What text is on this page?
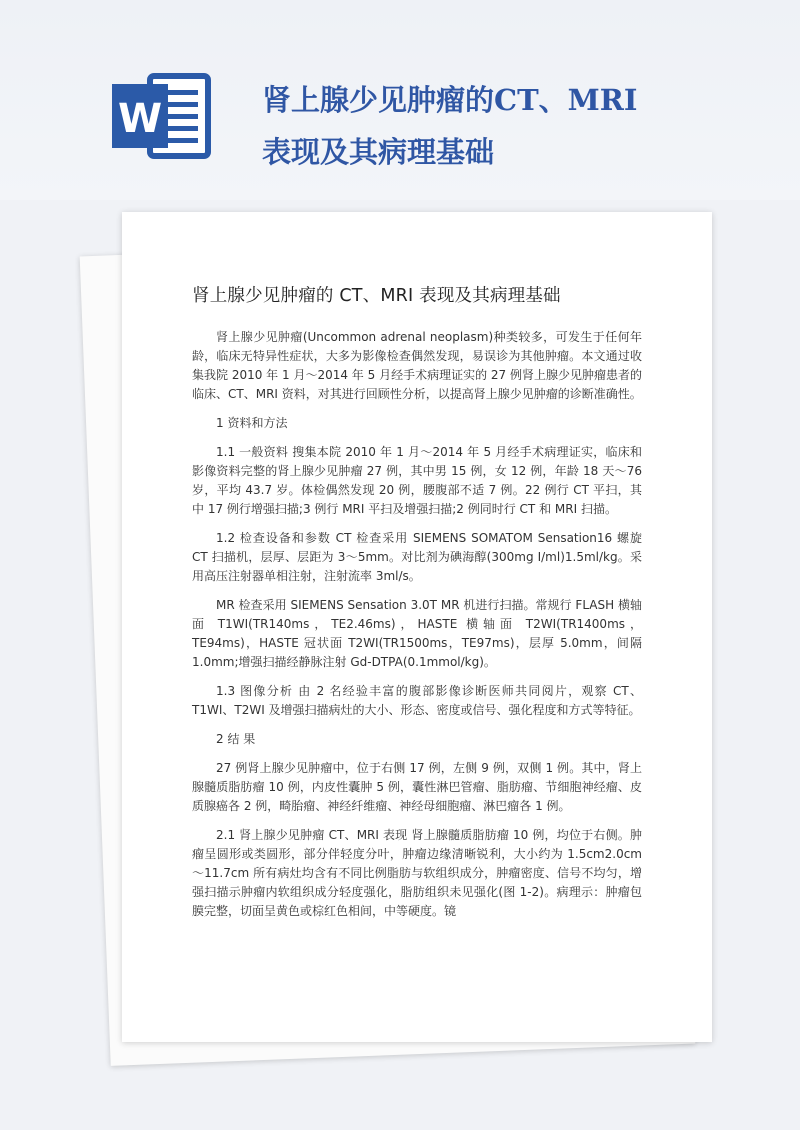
W	肾上腺少见肿瘤的CT、MRI表现及其病理基础
肾上腺少见肿瘤的 CT、MRI 表现及其病理基础

肾上腺少见肿瘤(Uncommon adrenal neoplasm)种类较多，可发生于任何年龄，临床无特异性症状，大多为影像检查偶然发现，易误诊为其他肿瘤。本文通过收集我院 2010 年 1 月～2014 年 5 月经手术病理证实的 27 例肾上腺少见肿瘤患者的临床、CT、MRI 资料，对其进行回顾性分析，以提高肾上腺少见肿瘤的诊断准确性。

1 资料和方法

1.1 一般资料 搜集本院 2010 年 1 月～2014 年 5 月经手术病理证实，临床和影像资料完整的肾上腺少见肿瘤 27 例，其中男 15 例，女 12 例，年龄 18 天～76 岁，平均 43.7 岁。体检偶然发现 20 例，腰腹部不适 7 例。22 例行 CT 平扫，其中 17 例行增强扫描;3 例行 MRI 平扫及增强扫描;2 例同时行 CT 和 MRI 扫描。

1.2 检查设备和参数 CT 检查采用 SIEMENS SOMATOM Sensation16 螺旋 CT 扫描机，层厚、层距为 3～5mm。对比剂为碘海醇(300mg I/ml)1.5ml/kg。采用高压注射器单相注射，注射流率 3ml/s。

MR 检查采用 SIEMENS Sensation 3.0T MR 机进行扫描。常规行 FLASH 横轴面 T1WI(TR140ms，TE2.46ms)，HASTE 横轴面 T2WI(TR1400ms，TE94ms)，HASTE 冠状面 T2WI(TR1500ms，TE97ms)，层厚 5.0mm，间隔 1.0mm;增强扫描经静脉注射 Gd-DTPA(0.1mmol/kg)。

1.3 图像分析 由 2 名经验丰富的腹部影像诊断医师共同阅片，观察 CT、T1WI、T2WI 及增强扫描病灶的大小、形态、密度或信号、强化程度和方式等特征。

2 结 果

27 例肾上腺少见肿瘤中，位于右侧 17 例，左侧 9 例，双侧 1 例。其中，肾上腺髓质脂肪瘤 10 例，内皮性囊肿 5 例，囊性淋巴管瘤、脂肪瘤、节细胞神经瘤、皮质腺癌各 2 例，畸胎瘤、神经纤维瘤、神经母细胞瘤、淋巴瘤各 1 例。

2.1 肾上腺少见肿瘤 CT、MRI 表现 肾上腺髓质脂肪瘤 10 例，均位于右侧。肿瘤呈圆形或类圆形，部分伴轻度分叶，肿瘤边缘清晰锐利，大小约为 1.5cm2.0cm～11.7cm 所有病灶均含有不同比例脂肪与软组织成分，肿瘤密度、信号不均匀，增强扫描示肿瘤内软组织成分轻度强化，脂肪组织未见强化(图 1-2)。病理示：肿瘤包膜完整，切面呈黄色或棕红色相间，中等硬度。镜
